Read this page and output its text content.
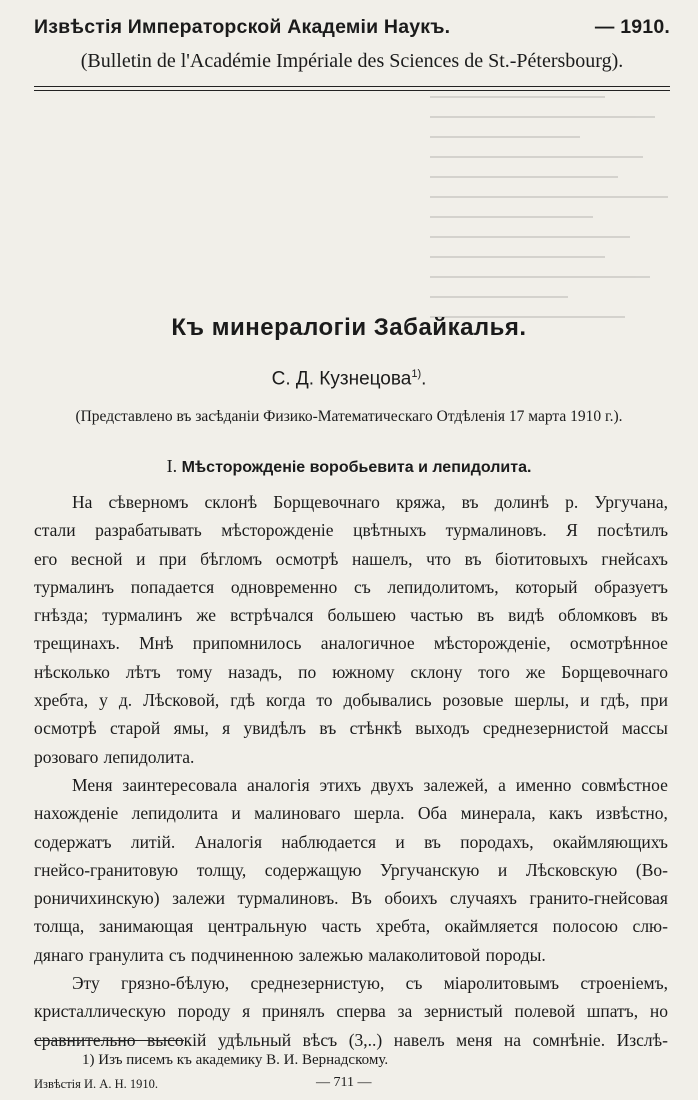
Извѣстія Императорской Академіи Наукъ.	— 1910.
(Bulletin de l'Académie Impériale des Sciences de St.-Pétersbourg).
Къ минералогіи Забайкалья.
С. Д. Кузнецова$^{1)}$.
(Представлено въ засѣданіи Физико-Математическаго Отдѣленія 17 марта 1910 г.).
I. Мѣсторожденіе воробьевита и лепидолита.
На сѣверномъ склонѣ Борщевочнаго кряжа, въ долинѣ р. Ургучана,
стали разрабатывать мѣсторожденіе цвѣтныхъ турмалиновъ. Я посѣтилъ
его весной и при бѣгломъ осмотрѣ нашелъ, что въ біотитовыхъ гнейсахъ
турмалинъ попадается одновременно съ лепидолитомъ, который образуетъ
гнѣзда; турмалинъ же встрѣчался большею частью въ видѣ обломковъ въ
трещинахъ. Мнѣ припомнилось аналогичное мѣсторожденіе, осмотрѣнное
нѣсколько лѣтъ тому назадъ, по южному склону того же Борщевочнаго
хребта, у д. Лѣсковой, гдѣ когда то добывались розовые шерлы, и гдѣ, при
осмотрѣ старой ямы, я увидѣлъ въ стѣнкѣ выходъ среднезернистой массы
розоваго лепидолита.
Меня заинтересовала аналогія этихъ двухъ залежей, а именно совмѣстное
нахожденіе лепидолита и малиноваго шерла. Оба минерала, какъ извѣстно,
содержатъ литій. Аналогія наблюдается и въ породахъ, окаймляющихъ
гнейсо-гранитовую толщу, содержащую Ургучанскую и Лѣсковскую (Во-
роничихинскую) залежи турмалиновъ. Въ обоихъ случаяхъ гранито-гнейсовая
толща, занимающая центральную часть хребта, окаймляется полосою слю-
дянаго гранулита съ подчиненною залежью малаколитовой породы.
Эту грязно-бѣлую, среднезернистую, съ міаролитовымъ строеніемъ,
кристаллическую породу я принялъ сперва за зернистый полевой шпатъ, но
сравнительно высокій удѣльный вѣсъ (3,..) навелъ меня на сомнѣніе. Изслѣ-
1) Изъ писемъ къ академику В. И. Вернадскому.
Извѣстія И. А. Н. 1910.	— 711 —
